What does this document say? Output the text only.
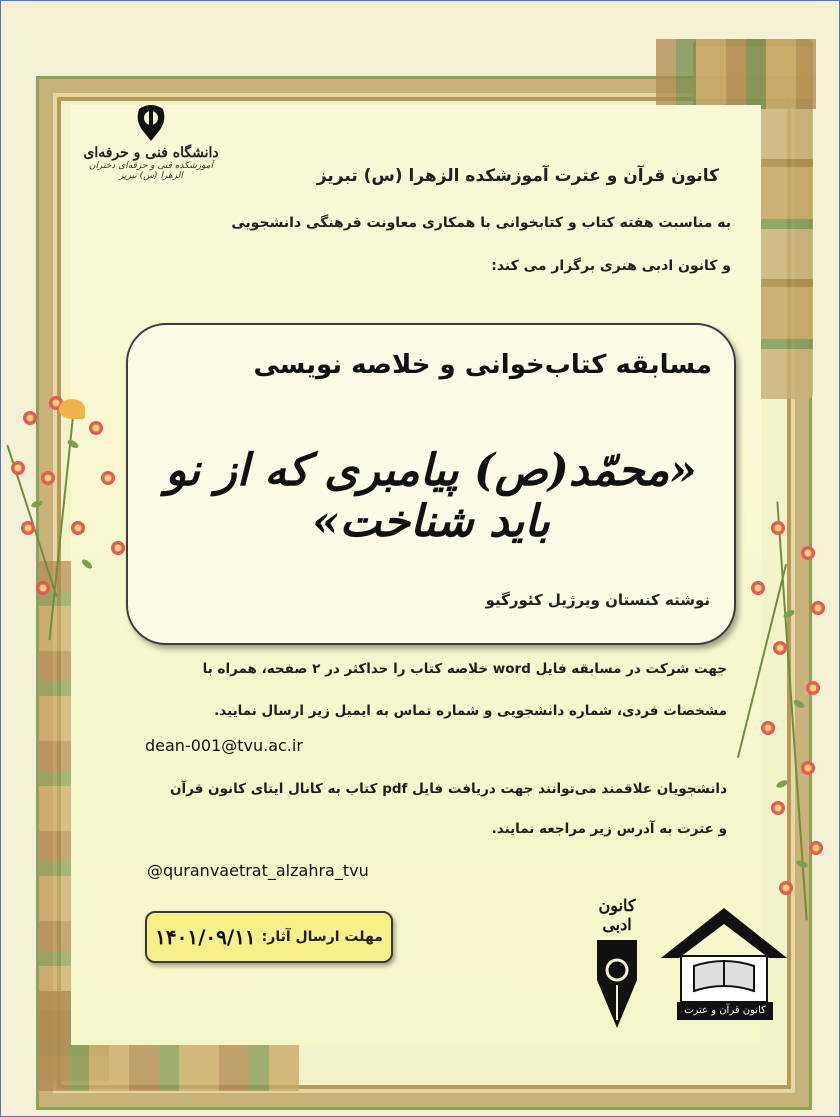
دانشگاه فنی و حرفه‌ای
آموزشکده فنی و حرفه‌ای دختران الزهرا (س) تبریز	کانون قرآن و عترت آموزشکده الزهرا (س) تبریز
به مناسبت هفته کتاب و کتابخوانی با همکاری معاونت فرهنگی دانشجویی
و کانون ادبی هنری برگزار می کند:
مسابقه کتاب‌خوانی و خلاصه نویسی
«محمّد(ص) پیامبری که از نو باید شناخت»
نوشته کنستان ویرژیل کئورگیو
جهت شرکت در مسابقه فایل word خلاصه کتاب را حداکثر در ۲ صفحه، همراه با
مشخصات فردی، شماره دانشجویی و شماره تماس به ایمیل زیر ارسال نمایید.
dean-001@tvu.ac.ir
دانشجویان علاقمند می‌توانند جهت دریافت فایل pdf کتاب به کانال ایتای کانون قرآن
و عترت به آدرس زیر مراجعه نمایند.
@quranvaetrat_alzahra_tvu
مهلت ارسال آثار:
۱۴۰۱/۰۹/۱۱
کانون ادبی
کانون قرآن و عترت
